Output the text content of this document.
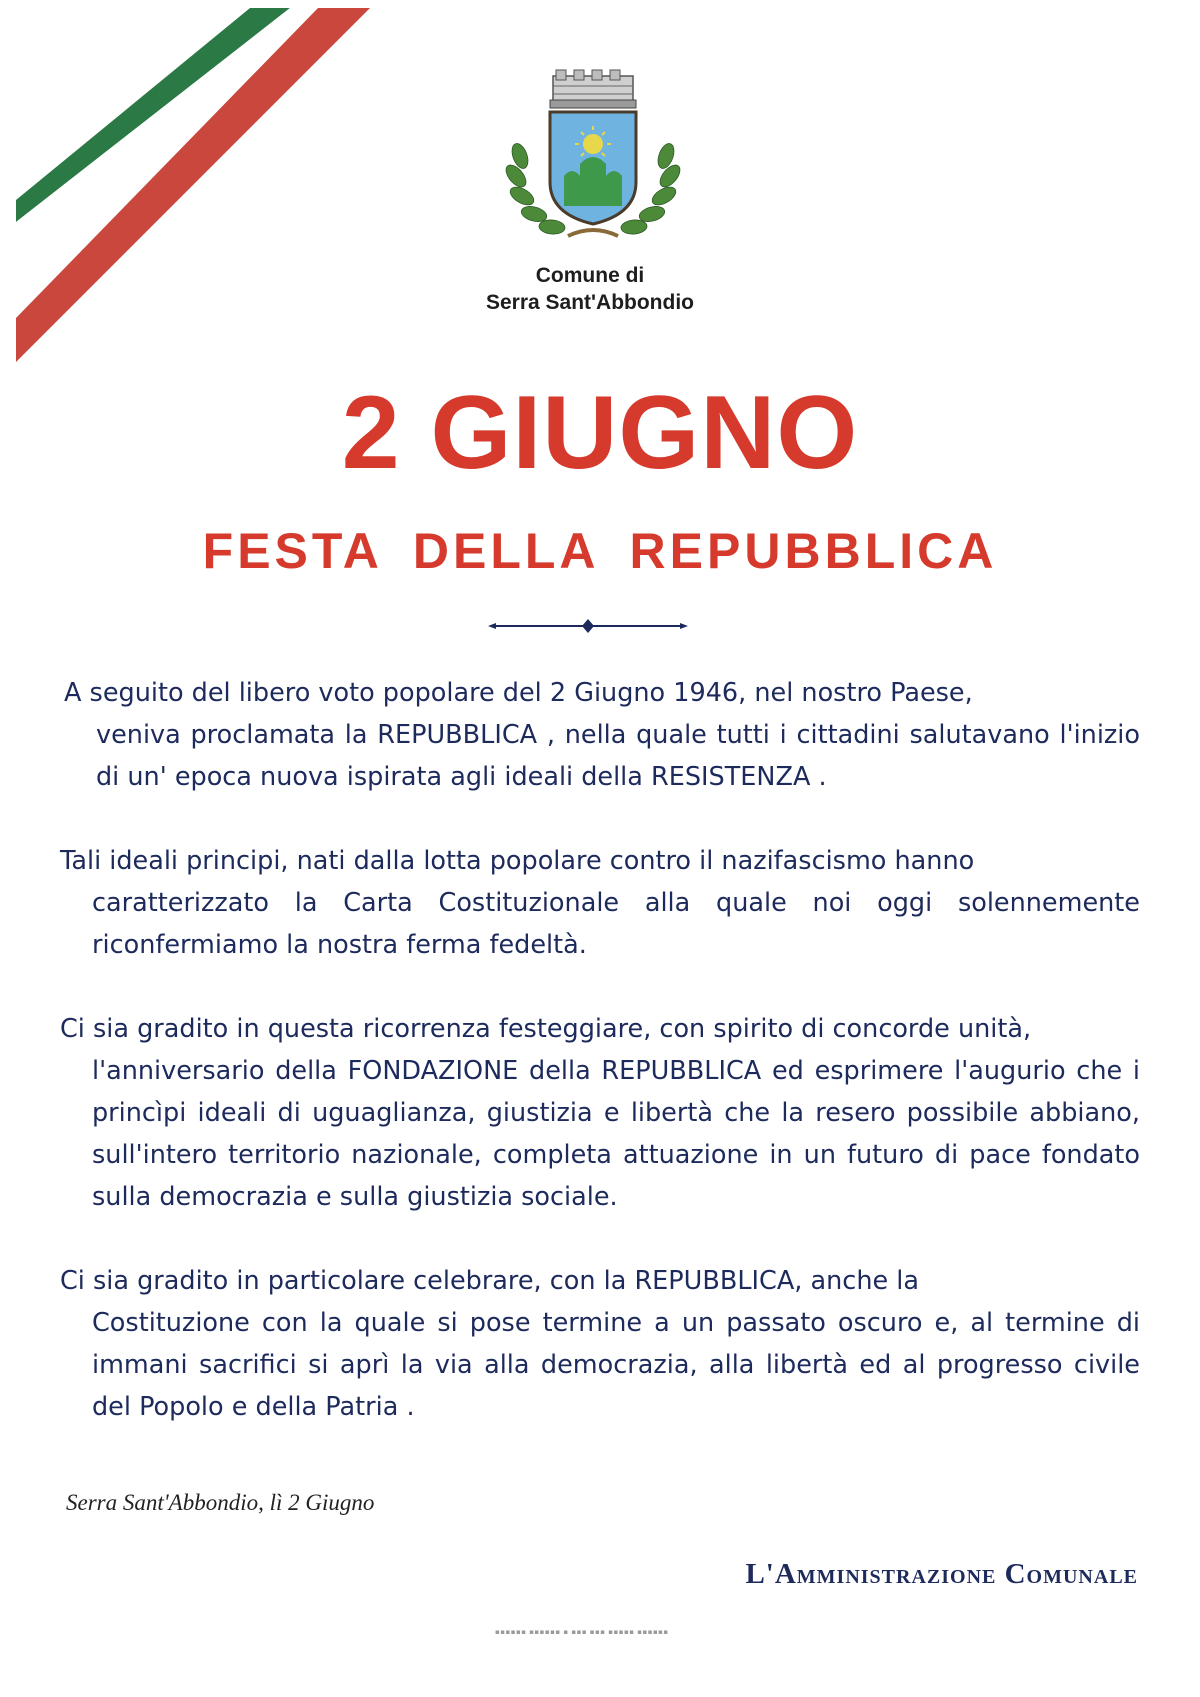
Comune di
Serra Sant'Abbondio
2 GIUGNO
FESTA DELLA REPUBBLICA

A seguito del libero voto popolare del 2 Giugno 1946, nel nostro Paese,
veniva proclamata la REPUBBLICA , nella quale tutti i cittadini salutavano l'inizio di un' epoca nuova ispirata agli ideali della RESISTENZA .

Tali ideali principi, nati dalla lotta popolare contro il nazifascismo hanno
caratterizzato la Carta Costituzionale alla quale noi oggi solennemente riconfermiamo la nostra ferma fedeltà.

Ci sia gradito in questa ricorrenza festeggiare, con spirito di concorde unità,
l'anniversario della FONDAZIONE della REPUBBLICA ed esprimere l'augurio che i princìpi ideali di uguaglianza, giustizia e libertà che la resero possibile abbiano, sull'intero territorio nazionale, completa attuazione in un futuro di pace fondato sulla democrazia e sulla giustizia sociale.

Ci sia gradito in particolare celebrare, con la REPUBBLICA, anche la
Costituzione con la quale si pose termine a un passato oscuro e, al termine di immani sacrifici si aprì la via alla democrazia, alla libertà ed al progresso civile del Popolo e della Patria .

Serra Sant'Abbondio, lì 2 Giugno
L'Amministrazione Comunale
▪▪▪▪▪▪ ▪▪▪▪▪▪ ▪ ▪▪▪ ▪▪▪ ▪▪▪▪▪ ▪▪▪▪▪▪
